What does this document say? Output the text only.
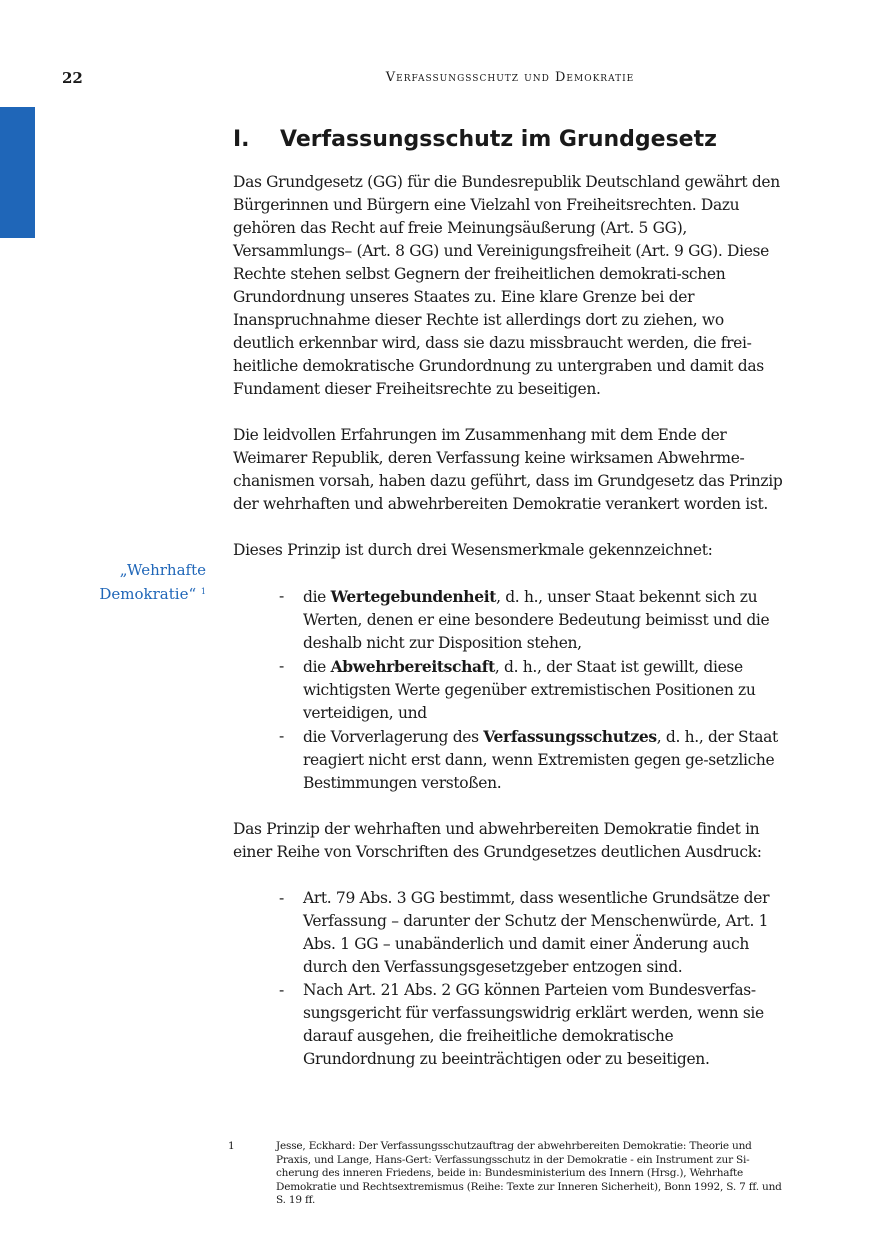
22	Verfassungsschutz und Demokratie
„Wehrhafte
Demokratie“ $^1$
I. Verfassungsschutz im Grundgesetz

Das Grundgesetz (GG) für die Bundesrepublik Deutschland gewährt den Bürgerinnen und Bürgern eine Vielzahl von Freiheitsrechten. Dazu gehören das Recht auf freie Meinungsäußerung (Art. 5 GG), Versammlungs– (Art. 8 GG) und Vereinigungsfreiheit (Art. 9 GG). Diese Rechte stehen selbst Gegnern der freiheitlichen demokrati-schen Grundordnung unseres Staates zu. Eine klare Grenze bei der Inanspruchnahme dieser Rechte ist allerdings dort zu ziehen, wo deutlich erkennbar wird, dass sie dazu missbraucht werden, die frei-heitliche demokratische Grundordnung zu untergraben und damit das Fundament dieser Freiheitsrechte zu beseitigen.

Die leidvollen Erfahrungen im Zusammenhang mit dem Ende der Weimarer Republik, deren Verfassung keine wirksamen Abwehrme-chanismen vorsah, haben dazu geführt, dass im Grundgesetz das Prinzip der wehrhaften und abwehrbereiten Demokratie verankert worden ist.

Dieses Prinzip ist durch drei Wesensmerkmale gekennzeichnet:

- die Wertegebundenheit, d. h., unser Staat bekennt sich zu Werten, denen er eine besondere Bedeutung beimisst und die deshalb nicht zur Disposition stehen,
- die Abwehrbereitschaft, d. h., der Staat ist gewillt, diese wichtigsten Werte gegenüber extremistischen Positionen zu verteidigen, und
- die Vorverlagerung des Verfassungsschutzes, d. h., der Staat reagiert nicht erst dann, wenn Extremisten gegen ge-setzliche Bestimmungen verstoßen.

Das Prinzip der wehrhaften und abwehrbereiten Demokratie findet in einer Reihe von Vorschriften des Grundgesetzes deutlichen Ausdruck:

- Art. 79 Abs. 3 GG bestimmt, dass wesentliche Grundsätze der Verfassung – darunter der Schutz der Menschenwürde, Art. 1 Abs. 1 GG – unabänderlich und damit einer Änderung auch durch den Verfassungsgesetzgeber entzogen sind.
- Nach Art. 21 Abs. 2 GG können Parteien vom Bundesverfas-sungsgericht für verfassungswidrig erklärt werden, wenn sie darauf ausgehen, die freiheitliche demokratische Grundordnung zu beeinträchtigen oder zu beseitigen.
1	Jesse, Eckhard: Der Verfassungsschutzauftrag der abwehrbereiten Demokratie: Theorie und Praxis, und Lange, Hans-Gert: Verfassungsschutz in der Demokratie - ein Instrument zur Si-cherung des inneren Friedens, beide in: Bundesministerium des Innern (Hrsg.), Wehrhafte Demokratie und Rechtsextremismus (Reihe: Texte zur Inneren Sicherheit), Bonn 1992, S. 7 ff. und S. 19 ff.
